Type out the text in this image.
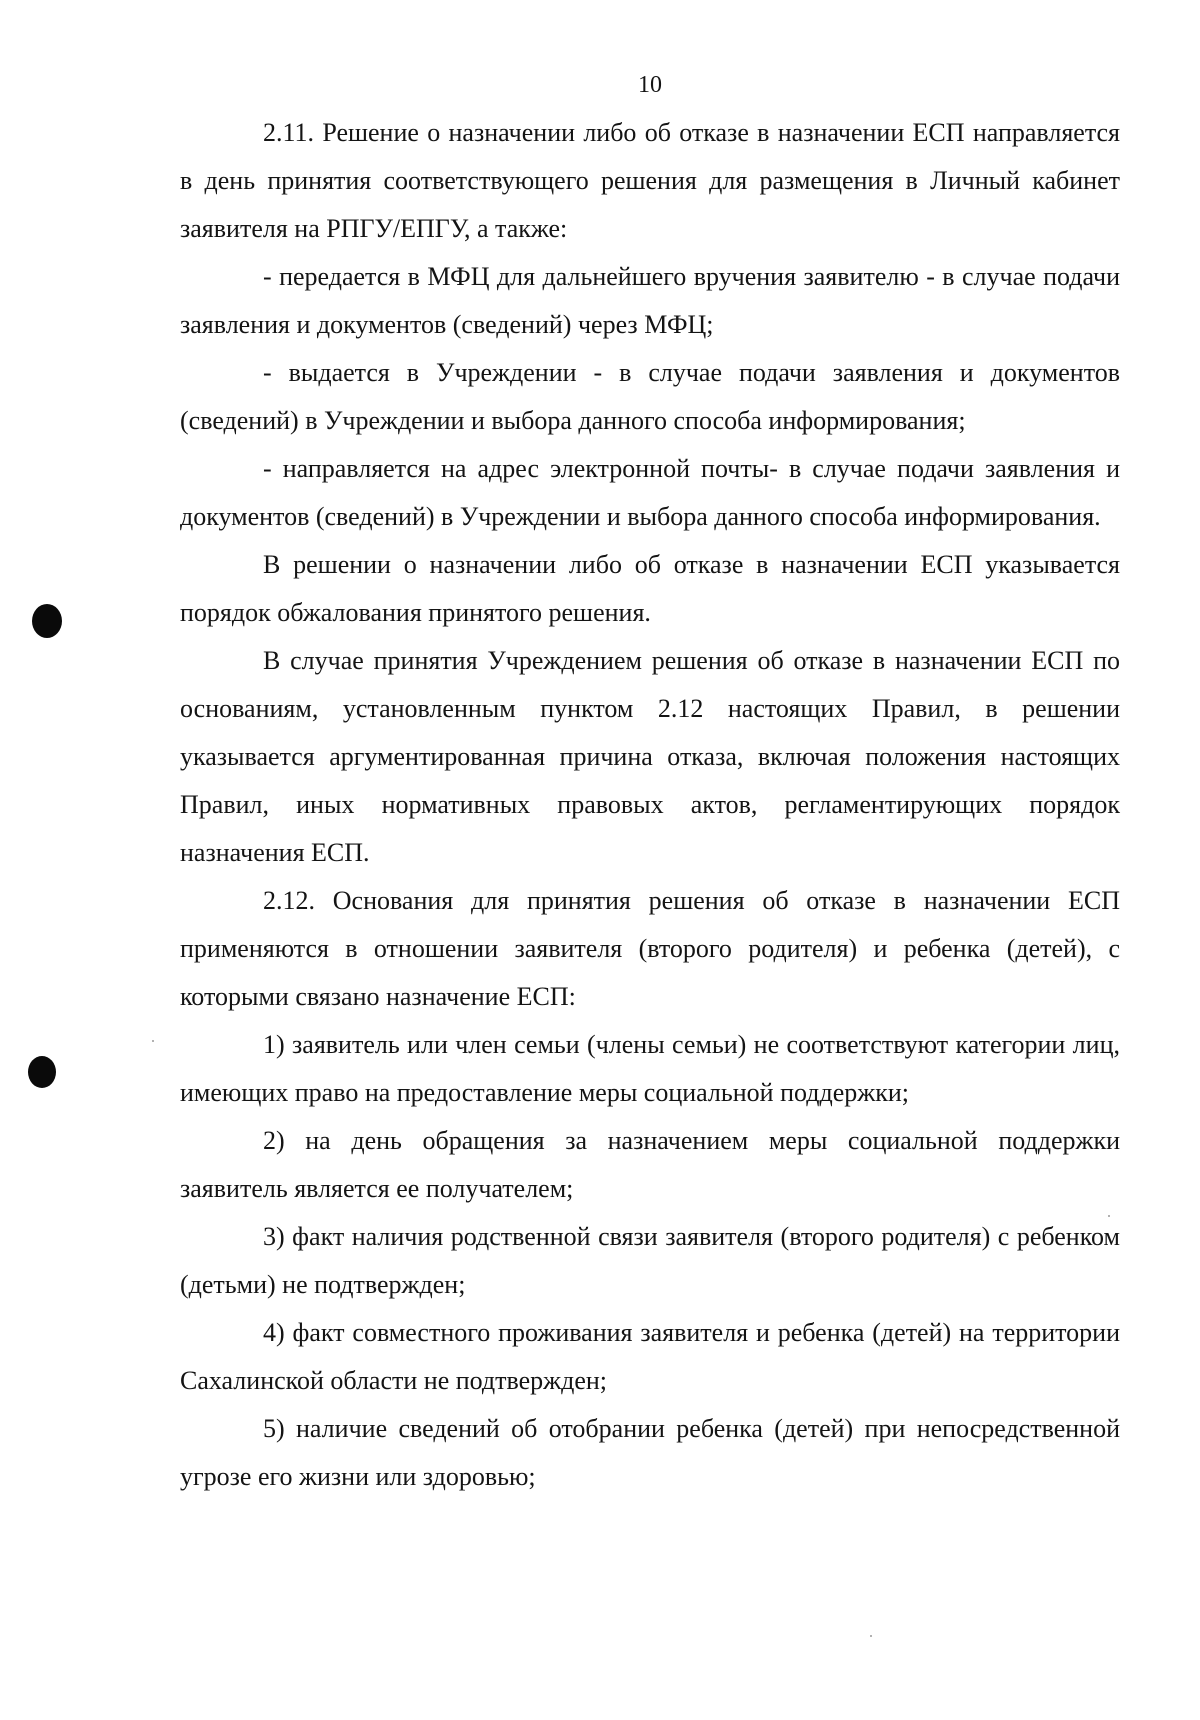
10

2.11. Решение о назначении либо об отказе в назначении ЕСП направляется в день принятия соответствующего решения для размещения в Личный кабинет заявителя на РПГУ/ЕПГУ, а также:

- передается в МФЦ для дальнейшего вручения заявителю - в случае подачи заявления и документов (сведений) через МФЦ;

- выдается в Учреждении - в случае подачи заявления и документов (сведений) в Учреждении и выбора данного способа информирования;

- направляется на адрес электронной почты- в случае подачи заявления и документов (сведений) в Учреждении и выбора данного способа информирования.

В решении о назначении либо об отказе в назначении ЕСП указывается порядок обжалования принятого решения.

В случае принятия Учреждением решения об отказе в назначении ЕСП по основаниям, установленным пунктом 2.12 настоящих Правил, в решении указывается аргументированная причина отказа, включая положения настоящих Правил, иных нормативных правовых актов, регламентирующих порядок назначения ЕСП.

2.12. Основания для принятия решения об отказе в назначении ЕСП применяются в отношении заявителя (второго родителя) и ребенка (детей), с которыми связано назначение ЕСП:

1) заявитель или член семьи (члены семьи) не соответствуют категории лиц, имеющих право на предоставление меры социальной поддержки;

2) на день обращения за назначением меры социальной поддержки заявитель является ее получателем;

3) факт наличия родственной связи заявителя (второго родителя) с ребенком (детьми) не подтвержден;

4) факт совместного проживания заявителя и ребенка (детей) на территории Сахалинской области не подтвержден;

5) наличие сведений об отобрании ребенка (детей) при непосредственной угрозе его жизни или здоровью;
